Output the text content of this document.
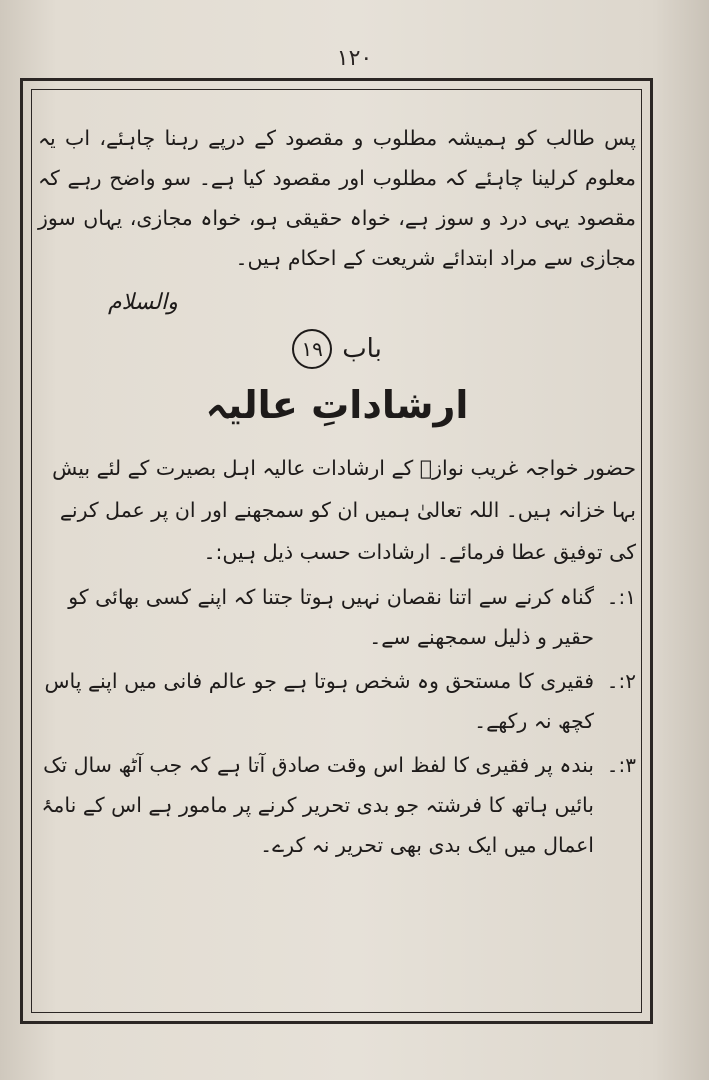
۱۲۰

پس طالب کو ہمیشہ مطلوب و مقصود کے درپے رہنا چاہئے، اب یہ معلوم کرلینا چاہئے کہ مطلوب اور مقصود کیا ہے۔ سو واضح رہے کہ مقصود یہی درد و سوز ہے، خواہ حقیقی ہو، خواہ مجازی، یہاں سوز مجازی سے مراد ابتدائے شریعت کے احکام ہیں۔

والسلام
باب
۱۹
ارشاداتِ عالیہ

حضور خواجہ غریب نوازؒ کے ارشادات عالیہ اہل بصیرت کے لئے بیش بہا خزانہ ہیں۔ اللہ تعالیٰ ہمیں ان کو سمجھنے اور ان پر عمل کرنے کی توفیق عطا فرمائے۔ ارشادات حسب ذیل ہیں:۔

۱:۔

گناہ کرنے سے اتنا نقصان نہیں ہوتا جتنا کہ اپنے کسی بھائی کو حقیر و ذلیل سمجھنے سے۔

۲:۔

فقیری کا مستحق وہ شخص ہوتا ہے جو عالم فانی میں اپنے پاس کچھ نہ رکھے۔

۳:۔

بندہ پر فقیری کا لفظ اس وقت صادق آتا ہے کہ جب آٹھ سال تک بائیں ہاتھ کا فرشتہ جو بدی تحریر کرنے پر مامور ہے اس کے نامۂ اعمال میں ایک بدی بھی تحریر نہ کرے۔
